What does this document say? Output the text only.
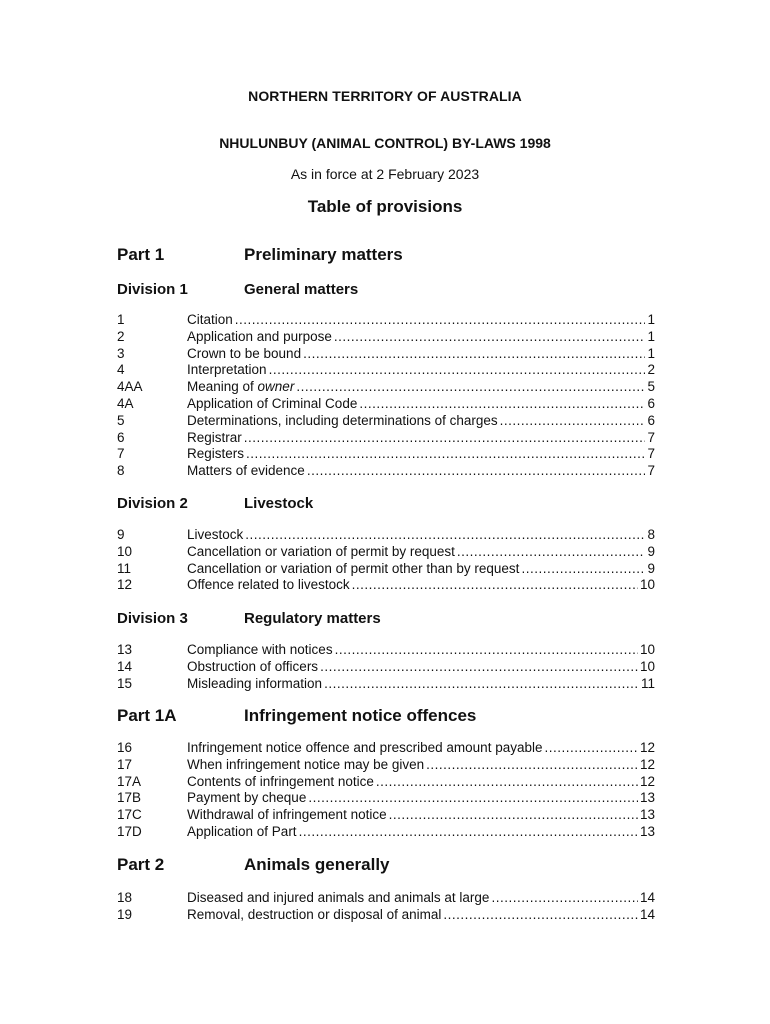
NORTHERN TERRITORY OF AUSTRALIA
NHULUNBUY (ANIMAL CONTROL) BY-LAWS 1998
As in force at 2 February 2023
Table of provisions
Part 1	Preliminary matters
Division 1	General matters
1	Citation .....	1
2	Application and purpose .....	1
3	Crown to be bound .....	1
4	Interpretation .....	2
4AA	Meaning of owner .....	5
4A	Application of Criminal Code .....	6
5	Determinations, including determinations of charges .....	6
6	Registrar .....	7
7	Registers .....	7
8	Matters of evidence .....	7
Division 2	Livestock
9	Livestock .....	8
10	Cancellation or variation of permit by request .....	9
11	Cancellation or variation of permit other than by request .....	9
12	Offence related to livestock .....	10
Division 3	Regulatory matters
13	Compliance with notices .....	10
14	Obstruction of officers .....	10
15	Misleading information .....	11
Part 1A	Infringement notice offences
16	Infringement notice offence and prescribed amount payable .....	12
17	When infringement notice may be given .....	12
17A	Contents of infringement notice .....	12
17B	Payment by cheque .....	13
17C	Withdrawal of infringement notice .....	13
17D	Application of Part .....	13
Part 2	Animals generally
18	Diseased and injured animals and animals at large .....	14
19	Removal, destruction or disposal of animal .....	14
